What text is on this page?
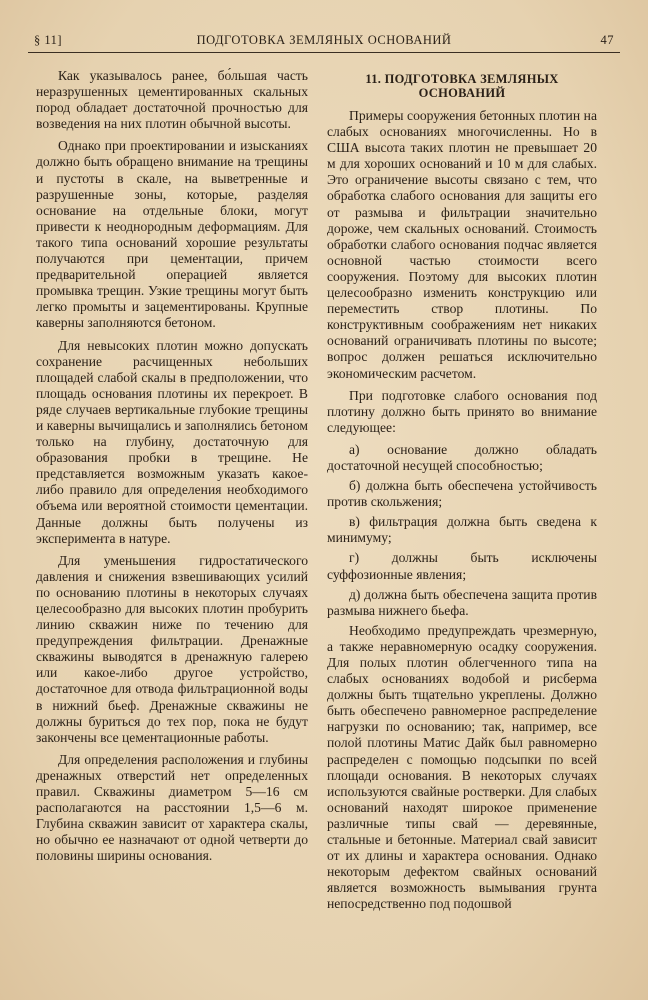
§ 11]	ПОДГОТОВКА ЗЕМЛЯНЫХ ОСНОВАНИЙ	47

Как указывалось ранее, бо́льшая часть неразрушенных цементированных скальных пород обладает достаточной прочностью для возведения на них плотин обычной высоты.

Однако при проектировании и изысканиях должно быть обращено внимание на трещины и пустоты в скале, на выветренные и разрушенные зоны, которые, разделяя основание на отдельные блоки, могут привести к неоднородным деформациям. Для такого типа оснований хорошие результаты получаются при цементации, причем предварительной операцией является промывка трещин. Узкие трещины могут быть легко промыты и зацементированы. Крупные каверны заполняются бетоном.

Для невысоких плотин можно допускать сохранение расчищенных небольших площадей слабой скалы в предположении, что площадь основания плотины их перекроет. В ряде случаев вертикальные глубокие трещины и каверны вычищались и заполнялись бетоном только на глубину, достаточную для образования пробки в трещине. Не представляется возможным указать какое-либо правило для определения необходимого объема или вероятной стоимости цементации. Данные должны быть получены из эксперимента в натуре.

Для уменьшения гидростатического давления и снижения взвешивающих усилий по основанию плотины в некоторых случаях целесообразно для высоких плотин пробурить линию скважин ниже по течению для предупреждения фильтрации. Дренажные скважины выводятся в дренажную галерею или какое-либо другое устройство, достаточное для отвода фильтрационной воды в нижний бьеф. Дренажные скважины не должны буриться до тех пор, пока не будут закончены все цементационные работы.

Для определения расположения и глубины дренажных отверстий нет определенных правил. Скважины диаметром 5—16 см располагаются на расстоянии 1,5—6 м. Глубина скважин зависит от характера скалы, но обычно ее назначают от одной четверти до половины ширины основания.

11. ПОДГОТОВКА ЗЕМЛЯНЫХ ОСНОВАНИЙ

Примеры сооружения бетонных плотин на слабых основаниях многочисленны. Но в США высота таких плотин не превышает 20 м для хороших оснований и 10 м для слабых. Это ограничение высоты связано с тем, что обработка слабого основания для защиты его от размыва и фильтрации значительно дороже, чем скальных оснований. Стоимость обработки слабого основания подчас является основной частью стоимости всего сооружения. Поэтому для высоких плотин целесообразно изменить конструкцию или переместить створ плотины. По конструктивным соображениям нет никаких оснований ограничивать плотины по высоте; вопрос должен решаться исключительно экономическим расчетом.

При подготовке слабого основания под плотину должно быть принято во внимание следующее:

а) основание должно обладать достаточной несущей способностью;

б) должна быть обеспечена устойчивость против скольжения;

в) фильтрация должна быть сведена к минимуму;

г) должны быть исключены суффозионные явления;

д) должна быть обеспечена защита против размыва нижнего бьефа.

Необходимо предупреждать чрезмерную, а также неравномерную осадку сооружения. Для полых плотин облегченного типа на слабых основаниях водобой и рисберма должны быть тщательно укреплены. Должно быть обеспечено равномерное распределение нагрузки по основанию; так, например, все полой плотины Матис Дайк был равномерно распределен с помощью подсыпки по всей площади основания. В некоторых случаях используются свайные ростверки. Для слабых оснований находят широкое применение различные типы свай — деревянные, стальные и бетонные. Материал свай зависит от их длины и характера основания. Однако некоторым дефектом свайных оснований является возможность вымывания грунта непосредственно под подошвой
